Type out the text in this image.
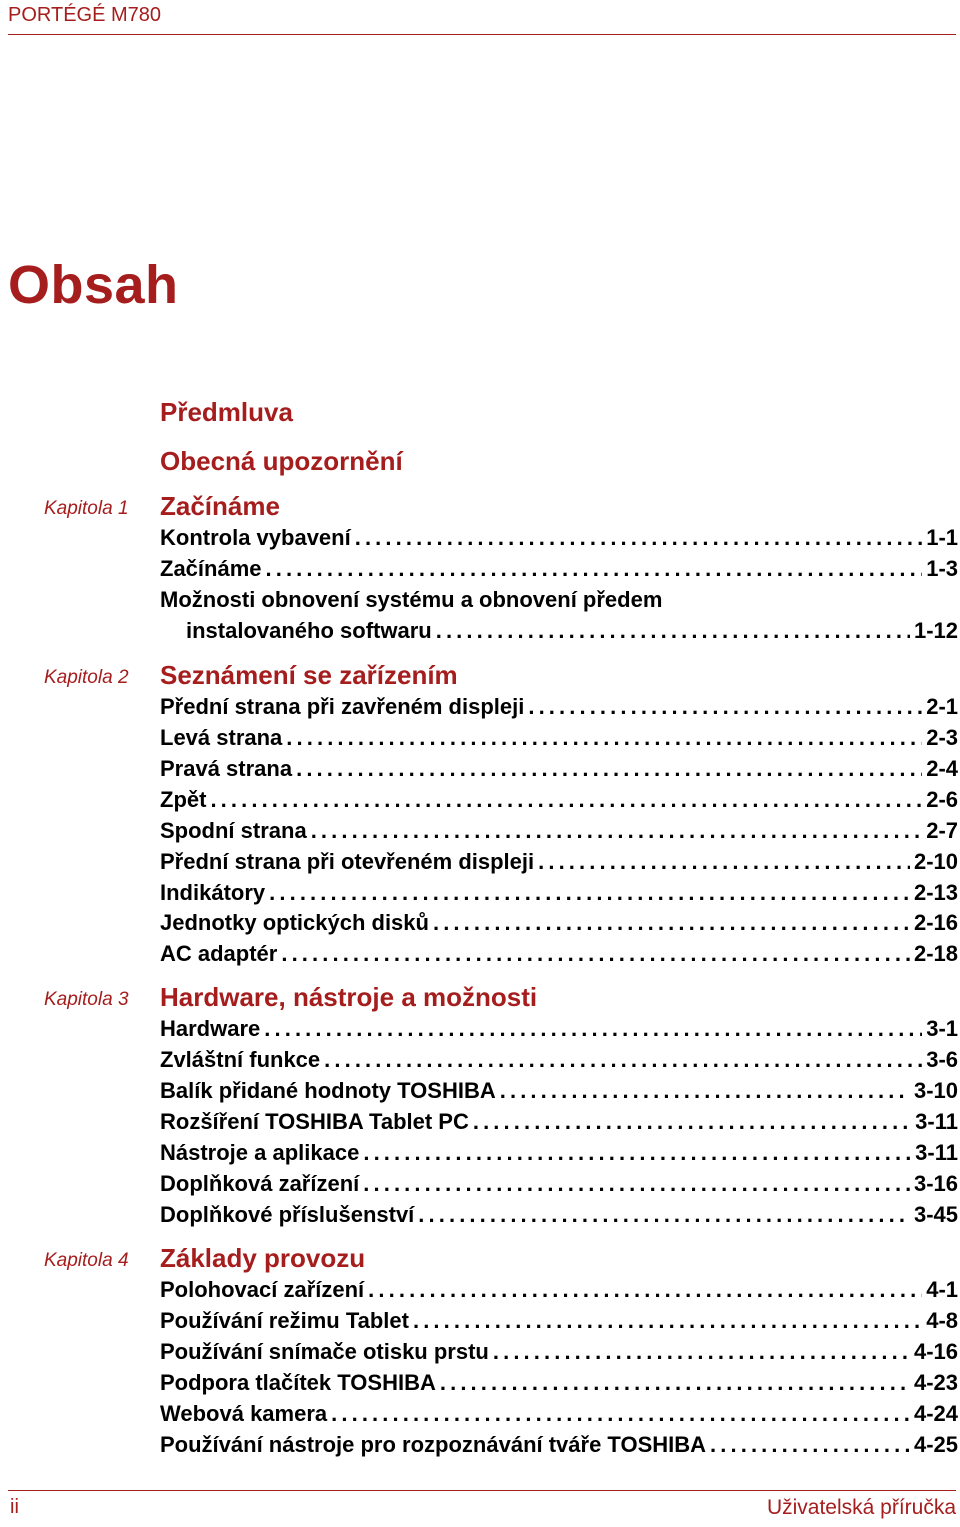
PORTÉGÉ M780
Obsah
Předmluva
Obecná upozornění
Kapitola 1 Začínáme
Kontrola vybavení . . .	1-1
Začínáme . . .	1-3
Možnosti obnovení systému a obnovení předem
instalovaného softwaru . . .	1-12
Kapitola 2 Seznámení se zařízením
Přední strana při zavřeném displeji . . .	2-1
Levá strana . . .	2-3
Pravá strana . . .	2-4
Zpět . . .	2-6
Spodní strana . . .	2-7
Přední strana při otevřeném displeji . . .	2-10
Indikátory . . .	2-13
Jednotky optických disků . . .	2-16
AC adaptér . . .	2-18
Kapitola 3 Hardware, nástroje a možnosti
Hardware . . .	3-1
Zvláštní funkce . . .	3-6
Balík přidané hodnoty TOSHIBA . . .	3-10
Rozšíření TOSHIBA Tablet PC . . .	3-11
Nástroje a aplikace . . .	3-11
Doplňková zařízení . . .	3-16
Doplňkové příslušenství . . .	3-45
Kapitola 4 Základy provozu
Polohovací zařízení . . .	4-1
Používání režimu Tablet . . .	4-8
Používání snímače otisku prstu . . .	4-16
Podpora tlačítek TOSHIBA . . .	4-23
Webová kamera . . .	4-24
Používání nástroje pro rozpoznávání tváře TOSHIBA . . .	4-25
ii	Uživatelská příručka
